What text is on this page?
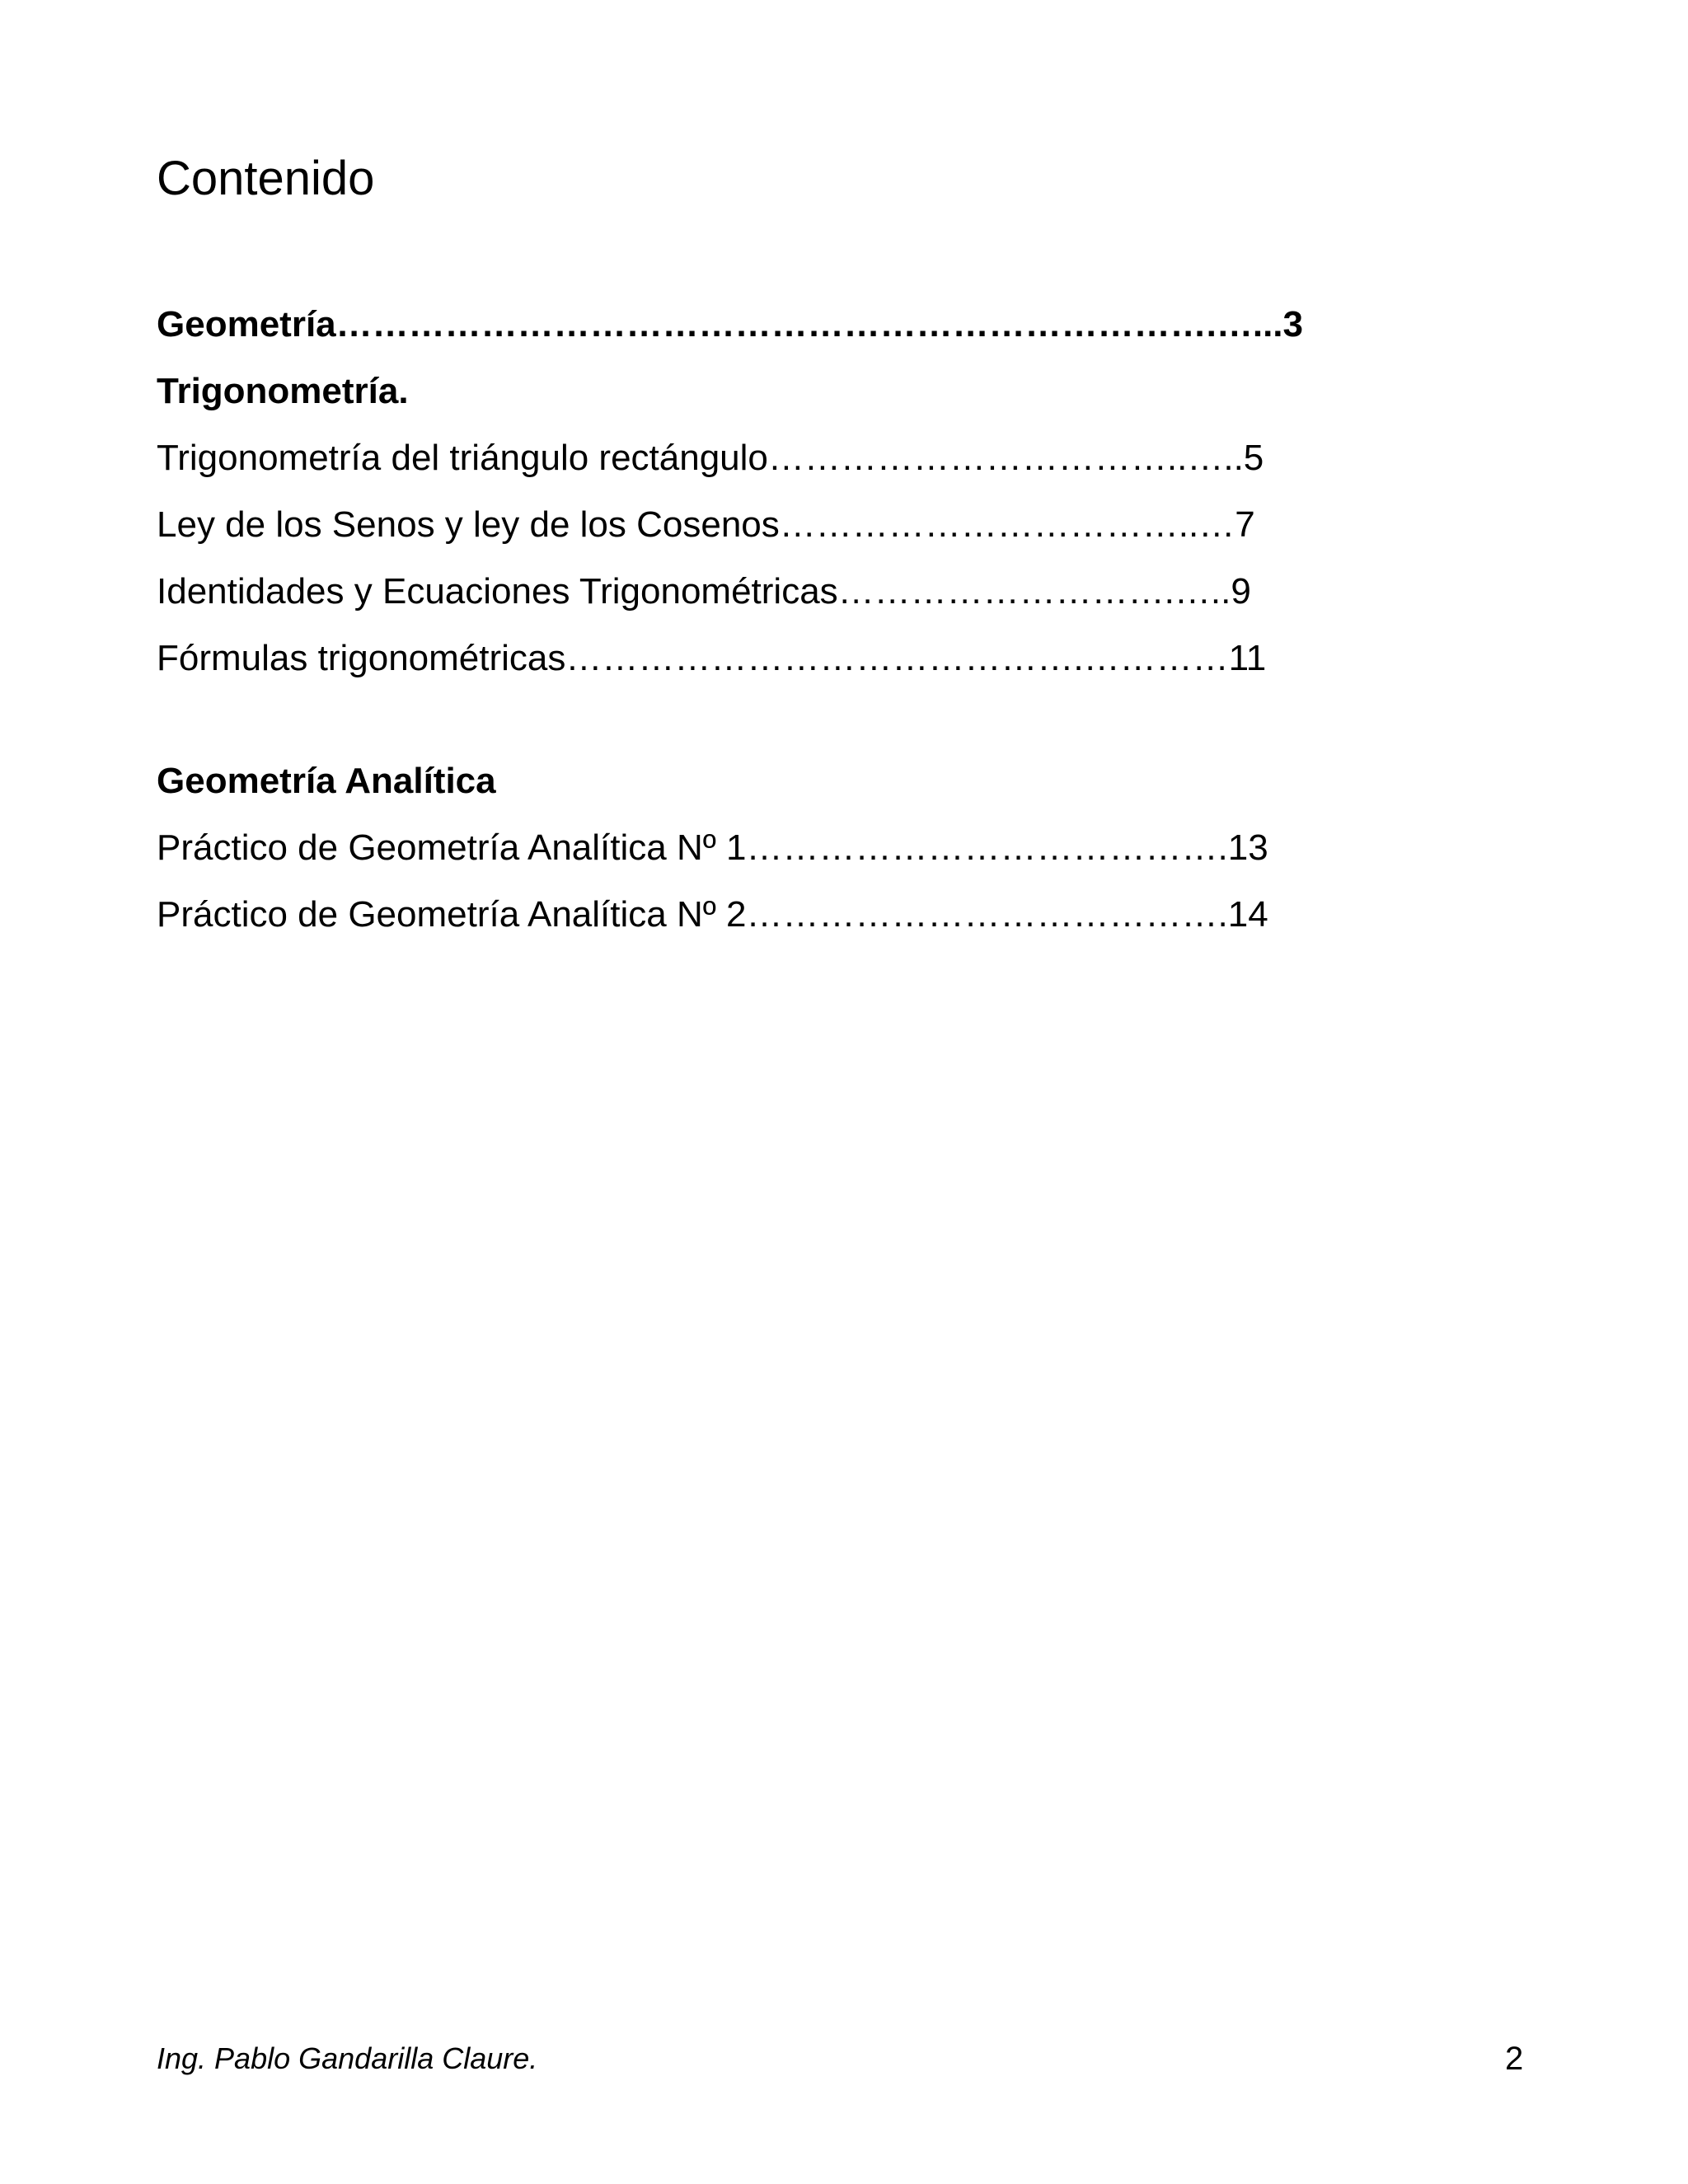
Contenido
Geometría……………………………………………………………….…...3
Trigonometría.
Trigonometría del triángulo rectángulo……………………………..…..5
Ley de los Senos y ley de los Cosenos……………………………..…7
Identidades y Ecuaciones Trigonométricas……………………….…..9
Fórmulas trigonométricas…………………………………….…………11
Geometría Analítica
Práctico de Geometría Analítica Nº 1………………………………….13
Práctico de Geometría Analítica Nº 2………………………………….14
Ing. Pablo Gandarilla Claure.	2
